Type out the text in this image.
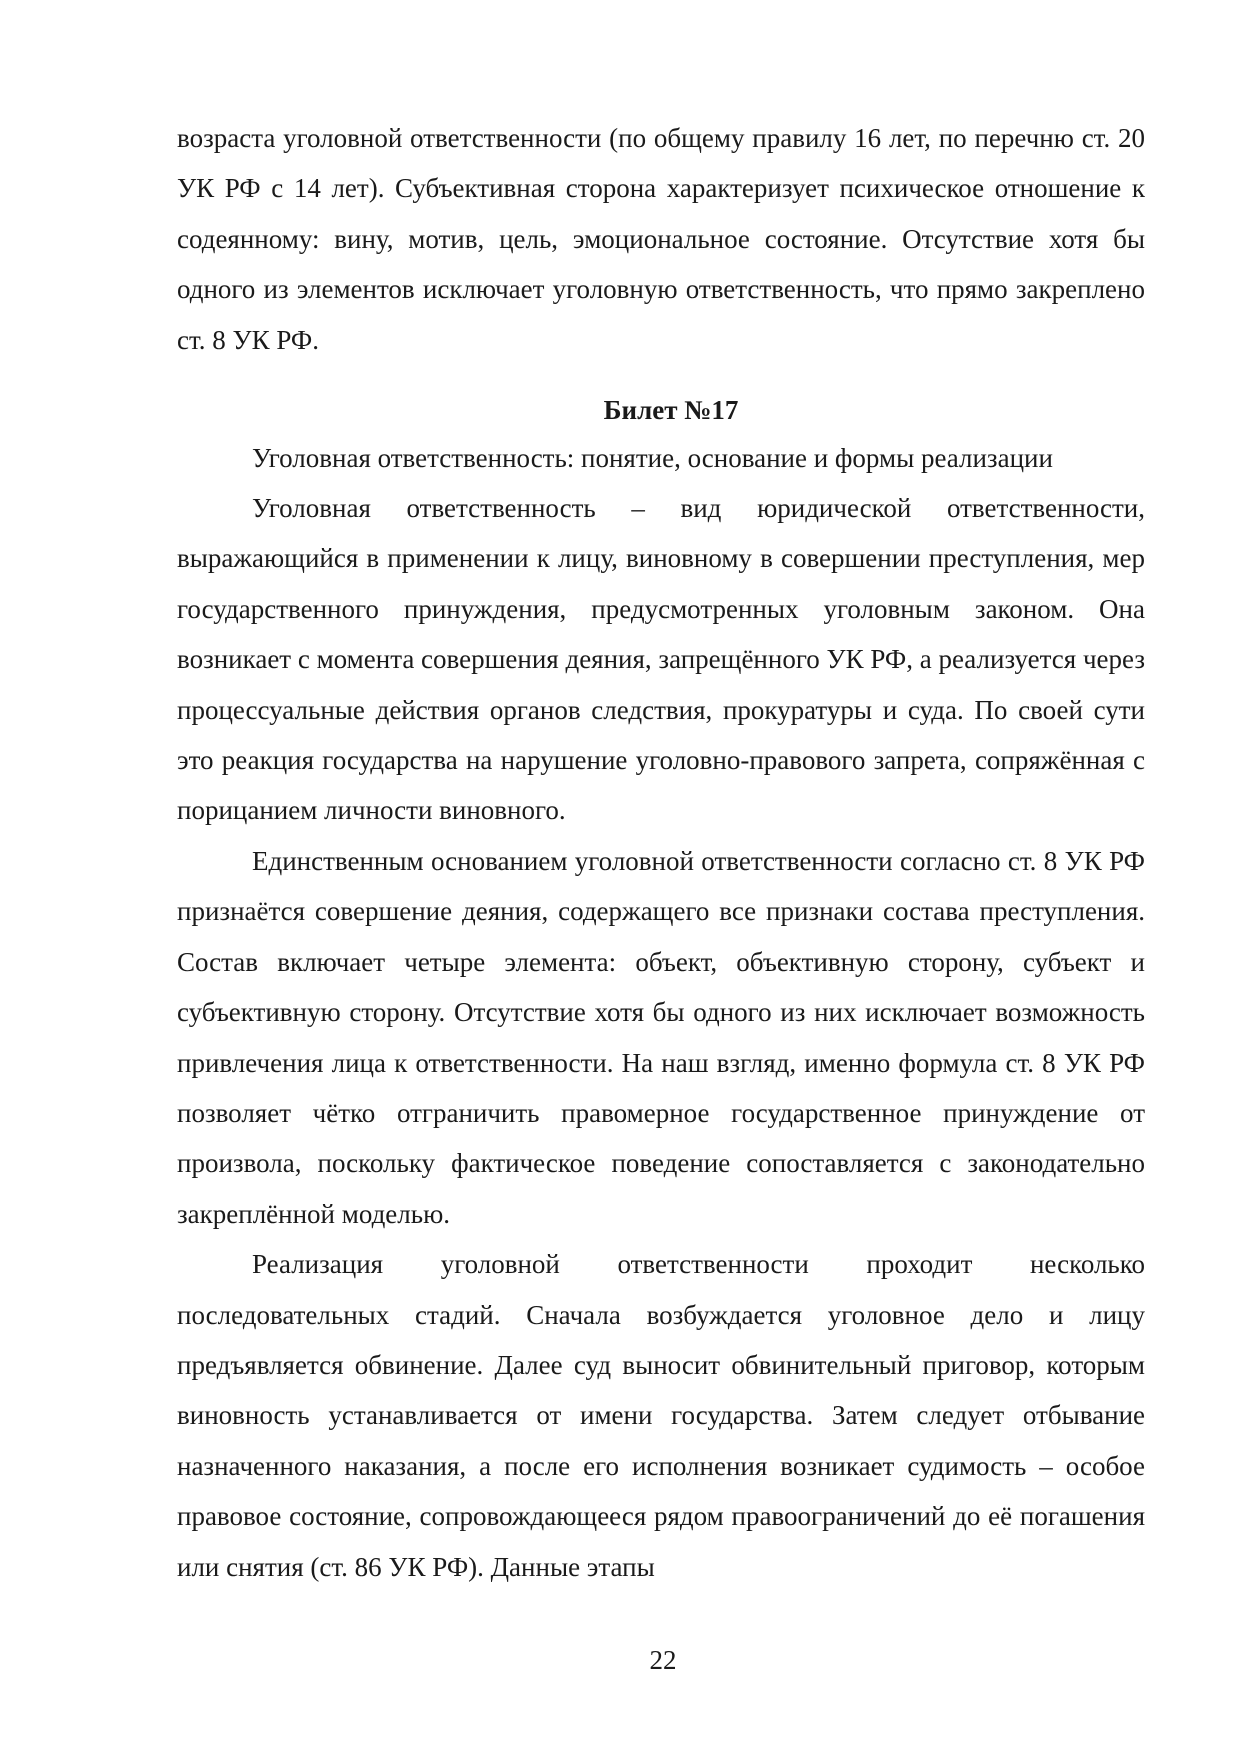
возраста уголовной ответственности (по общему правилу 16 лет, по перечню ст. 20 УК РФ с 14 лет). Субъективная сторона характеризует психическое отношение к содеянному: вину, мотив, цель, эмоциональное состояние. Отсутствие хотя бы одного из элементов исключает уголовную ответственность, что прямо закреплено ст. 8 УК РФ.

Билет №17

Уголовная ответственность: понятие, основание и формы реализации

Уголовная ответственность – вид юридической ответственности, выражающийся в применении к лицу, виновному в совершении преступления, мер государственного принуждения, предусмотренных уголовным законом. Она возникает с момента совершения деяния, запрещённого УК РФ, а реализуется через процессуальные действия органов следствия, прокуратуры и суда. По своей сути это реакция государства на нарушение уголовно-правового запрета, сопряжённая с порицанием личности виновного.

Единственным основанием уголовной ответственности согласно ст. 8 УК РФ признаётся совершение деяния, содержащего все признаки состава преступления. Состав включает четыре элемента: объект, объективную сторону, субъект и субъективную сторону. Отсутствие хотя бы одного из них исключает возможность привлечения лица к ответственности. На наш взгляд, именно формула ст. 8 УК РФ позволяет чётко отграничить правомерное государственное принуждение от произвола, поскольку фактическое поведение сопоставляется с законодательно закреплённой моделью.

Реализация уголовной ответственности проходит несколько последовательных стадий. Сначала возбуждается уголовное дело и лицу предъявляется обвинение. Далее суд выносит обвинительный приговор, которым виновность устанавливается от имени государства. Затем следует отбывание назначенного наказания, а после его исполнения возникает судимость – особое правовое состояние, сопровождающееся рядом правоограничений до её погашения или снятия (ст. 86 УК РФ). Данные этапы

22
